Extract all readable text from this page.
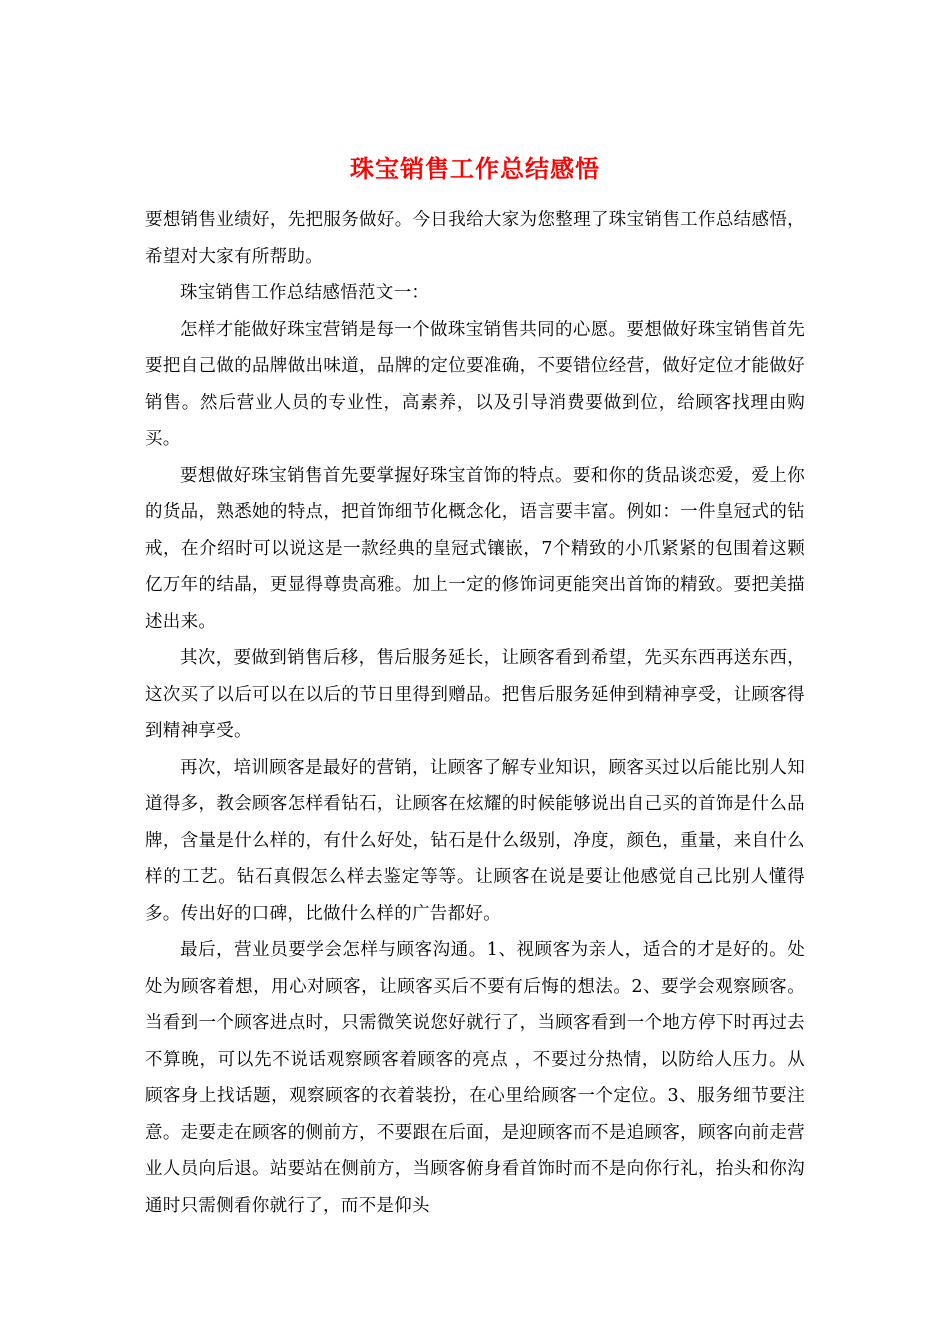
珠宝销售工作总结感悟

要想销售业绩好，先把服务做好。今日我给大家为您整理了珠宝销售工作总结感悟，希望对大家有所帮助。

珠宝销售工作总结感悟范文一：

怎样才能做好珠宝营销是每一个做珠宝销售共同的心愿。要想做好珠宝销售首先要把自己做的品牌做出味道，品牌的定位要准确，不要错位经营，做好定位才能做好销售。然后营业人员的专业性，高素养，以及引导消费要做到位，给顾客找理由购买。

要想做好珠宝销售首先要掌握好珠宝首饰的特点。要和你的货品谈恋爱，爱上你的货品，熟悉她的特点，把首饰细节化概念化，语言要丰富。例如：一件皇冠式的钻戒，在介绍时可以说这是一款经典的皇冠式镶嵌，7个精致的小爪紧紧的包围着这颗亿万年的结晶，更显得尊贵高雅。加上一定的修饰词更能突出首饰的精致。要把美描述出来。

其次，要做到销售后移，售后服务延长，让顾客看到希望，先买东西再送东西，这次买了以后可以在以后的节日里得到赠品。把售后服务延伸到精神享受，让顾客得到精神享受。

再次，培训顾客是最好的营销，让顾客了解专业知识，顾客买过以后能比别人知道得多，教会顾客怎样看钻石，让顾客在炫耀的时候能够说出自己买的首饰是什么品牌，含量是什么样的，有什么好处，钻石是什么级别，净度，颜色，重量，来自什么样的工艺。钻石真假怎么样去鉴定等等。让顾客在说是要让他感觉自己比别人懂得多。传出好的口碑，比做什么样的广告都好。

最后，营业员要学会怎样与顾客沟通。1、视顾客为亲人，适合的才是好的。处处为顾客着想，用心对顾客，让顾客买后不要有后悔的想法。2、要学会观察顾客。当看到一个顾客进点时，只需微笑说您好就行了，当顾客看到一个地方停下时再过去不算晚，可以先不说话观察顾客着顾客的亮点 ，不要过分热情，以防给人压力。从顾客身上找话题，观察顾客的衣着装扮，在心里给顾客一个定位。3、服务细节要注意。走要走在顾客的侧前方，不要跟在后面，是迎顾客而不是追顾客，顾客向前走营业人员向后退。站要站在侧前方，当顾客俯身看首饰时而不是向你行礼，抬头和你沟通时只需侧看你就行了，而不是仰头
